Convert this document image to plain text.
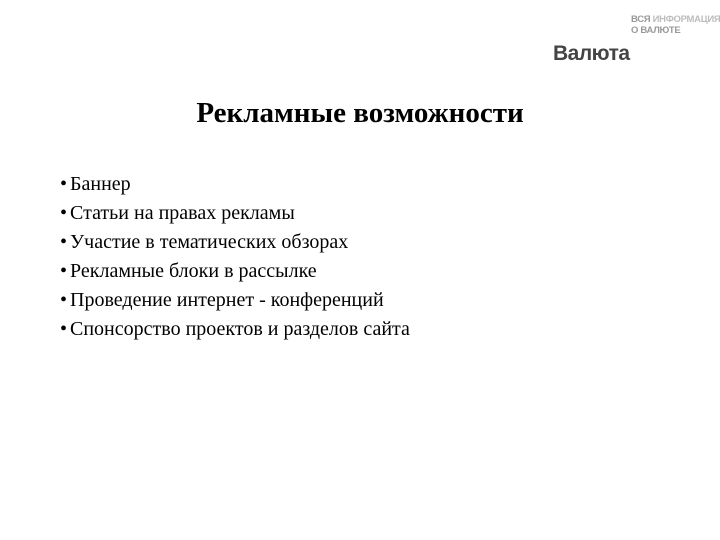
ВСЯ ИНФОРМАЦИЯ
О ВАЛЮТЕ
Валюта
Рекламные возможности
• Баннер
• Статьи на правах рекламы
• Участие в тематических обзорах
• Рекламные блоки в рассылке
• Проведение интернет - конференций
• Спонсорство проектов и разделов сайта
